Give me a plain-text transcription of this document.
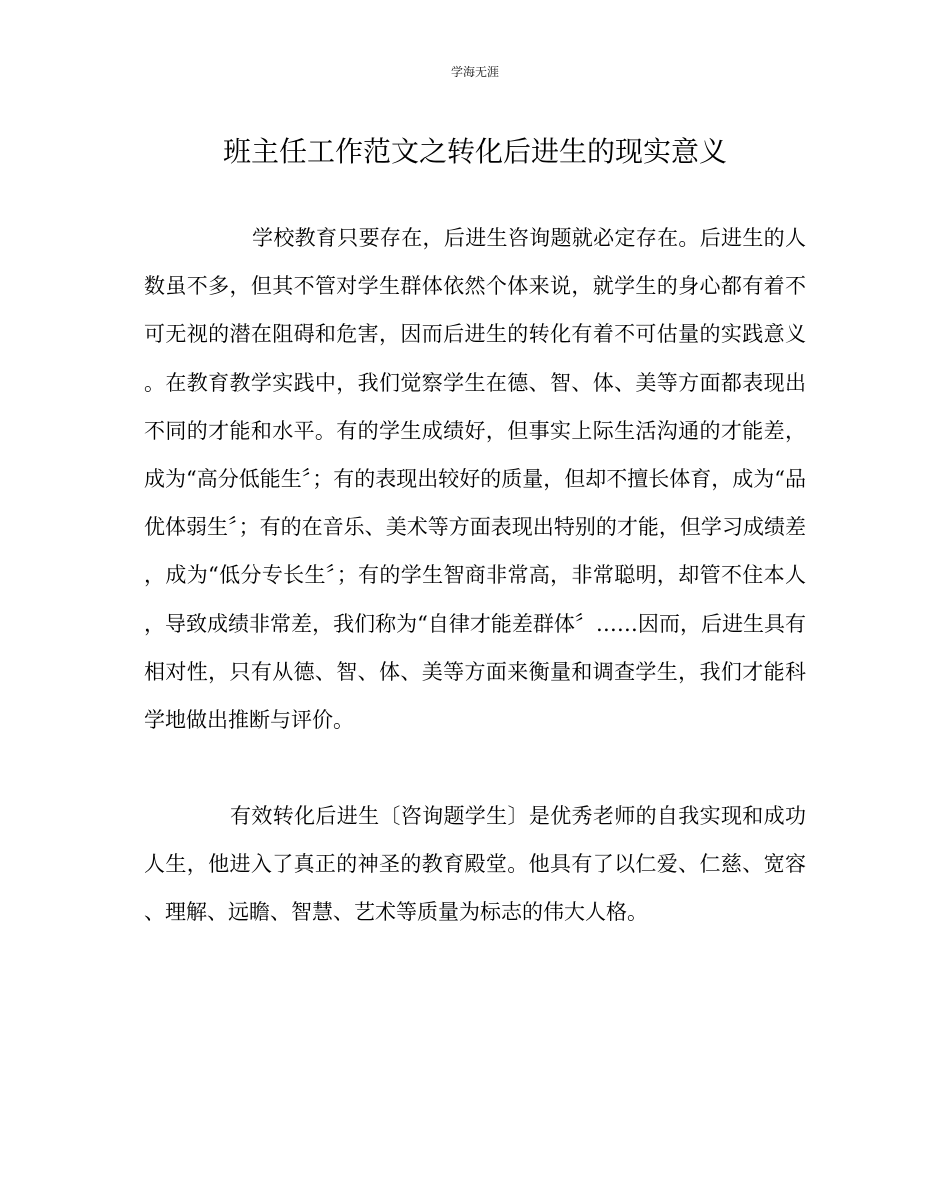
学海无涯
班主任工作范文之转化后进生的现实意义

学校教育只要存在，后进生咨询题就必定存在。后进生的人数虽不多，但其不管对学生群体依然个体来说，就学生的身心都有着不可无视的潜在阻碍和危害，因而后进生的转化有着不可估量的实践意义。在教育教学实践中，我们觉察学生在德、智、体、美等方面都表现出不同的才能和水平。有的学生成绩好，但事实上际生活沟通的才能差，成为“高分低能生〞；有的表现出较好的质量，但却不擅长体育，成为“品优体弱生〞；有的在音乐、美术等方面表现出特别的才能，但学习成绩差，成为“低分专长生〞；有的学生智商非常高，非常聪明，却管不住本人，导致成绩非常差，我们称为“自律才能差群体〞……因而，后进生具有相对性，只有从德、智、体、美等方面来衡量和调查学生，我们才能科学地做出推断与评价。

有效转化后进生〔咨询题学生〕是优秀老师的自我实现和成功人生，他进入了真正的神圣的教育殿堂。他具有了以仁爱、仁慈、宽容、理解、远瞻、智慧、艺术等质量为标志的伟大人格。
